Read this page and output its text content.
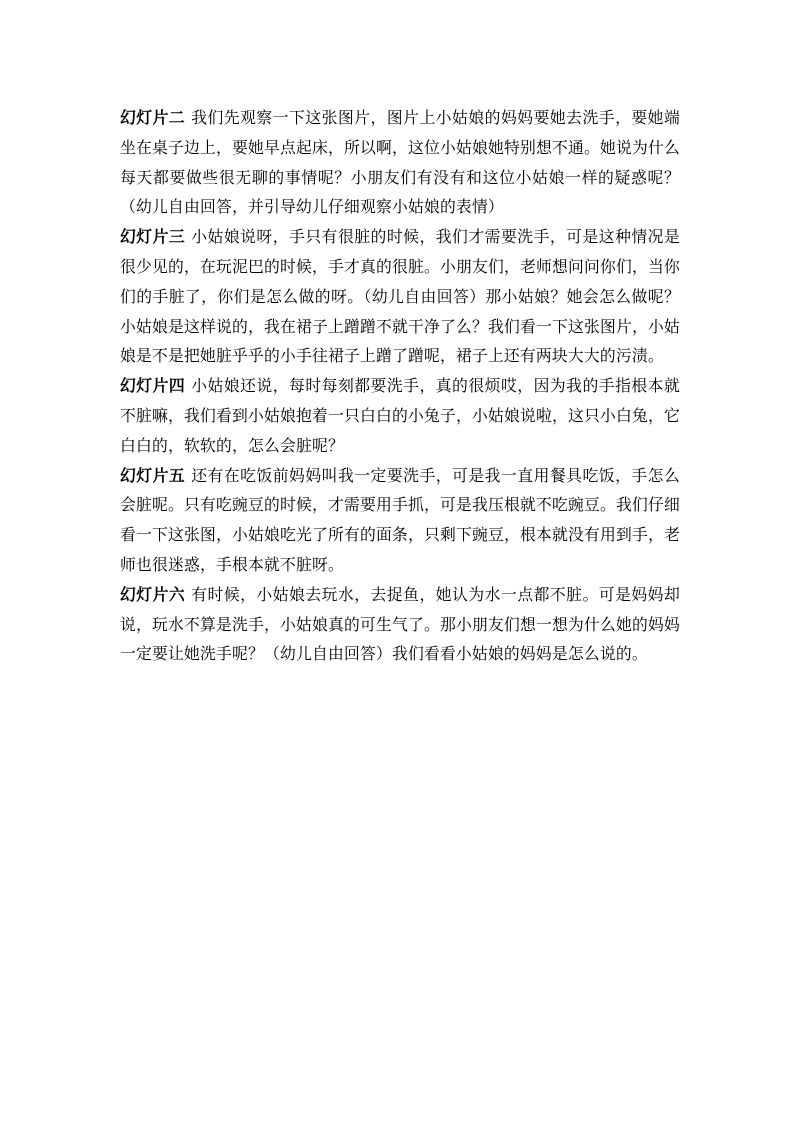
幻灯片二 我们先观察一下这张图片，图片上小姑娘的妈妈要她去洗手，要她端坐在桌子边上，要她早点起床，所以啊，这位小姑娘她特别想不通。她说为什么每天都要做些很无聊的事情呢？小朋友们有没有和这位小姑娘一样的疑惑呢？（幼儿自由回答，并引导幼儿仔细观察小姑娘的表情）

幻灯片三 小姑娘说呀，手只有很脏的时候，我们才需要洗手，可是这种情况是很少见的，在玩泥巴的时候，手才真的很脏。小朋友们，老师想问问你们，当你们的手脏了，你们是怎么做的呀。（幼儿自由回答）那小姑娘？她会怎么做呢？小姑娘是这样说的，我在裙子上蹭蹭不就干净了么？我们看一下这张图片，小姑娘是不是把她脏乎乎的小手往裙子上蹭了蹭呢，裙子上还有两块大大的污渍。

幻灯片四 小姑娘还说，每时每刻都要洗手，真的很烦哎，因为我的手指根本就不脏嘛，我们看到小姑娘抱着一只白白的小兔子，小姑娘说啦，这只小白兔，它白白的，软软的，怎么会脏呢？

幻灯片五 还有在吃饭前妈妈叫我一定要洗手，可是我一直用餐具吃饭，手怎么会脏呢。只有吃豌豆的时候，才需要用手抓，可是我压根就不吃豌豆。我们仔细看一下这张图，小姑娘吃光了所有的面条，只剩下豌豆，根本就没有用到手，老师也很迷惑，手根本就不脏呀。

幻灯片六 有时候，小姑娘去玩水，去捉鱼，她认为水一点都不脏。可是妈妈却说，玩水不算是洗手，小姑娘真的可生气了。那小朋友们想一想为什么她的妈妈一定要让她洗手呢？（幼儿自由回答）我们看看小姑娘的妈妈是怎么说的。
